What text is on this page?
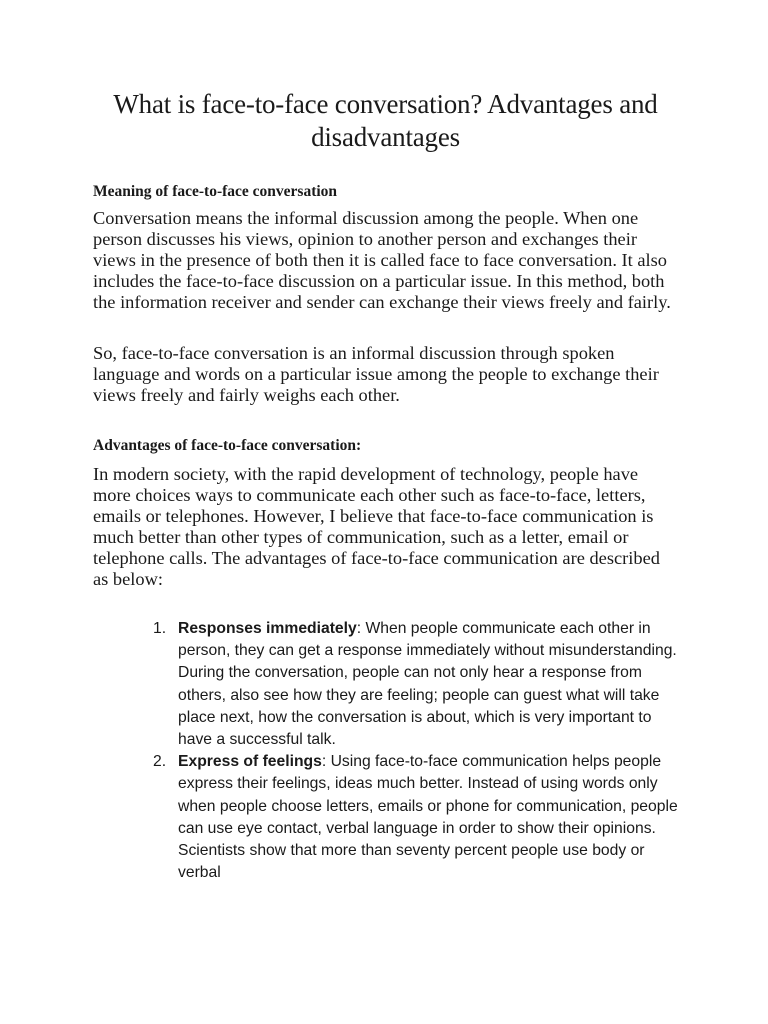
What is face-to-face conversation? Advantages and disadvantages
Meaning of face-to-face conversation

Conversation means the informal discussion among the people. When one person discusses his views, opinion to another person and exchanges their views in the presence of both then it is called face to face conversation. It also includes the face-to-face discussion on a particular issue. In this method, both the information receiver and sender can exchange their views freely and fairly.

So, face-to-face conversation is an informal discussion through spoken language and words on a particular issue among the people to exchange their views freely and fairly weighs each other.

Advantages of face-to-face conversation:

In modern society, with the rapid development of technology, people have more choices ways to communicate each other such as face-to-face, letters, emails or telephones. However, I believe that face-to-face communication is much better than other types of communication, such as a letter, email or telephone calls. The advantages of face-to-face communication are described as below:

1. Responses immediately: When people communicate each other in person, they can get a response immediately without misunderstanding. During the conversation, people can not only hear a response from others, also see how they are feeling; people can guest what will take place next, how the conversation is about, which is very important to have a successful talk.
2. Express of feelings: Using face-to-face communication helps people express their feelings, ideas much better. Instead of using words only when people choose letters, emails or phone for communication, people can use eye contact, verbal language in order to show their opinions. Scientists show that more than seventy percent people use body or verbal
